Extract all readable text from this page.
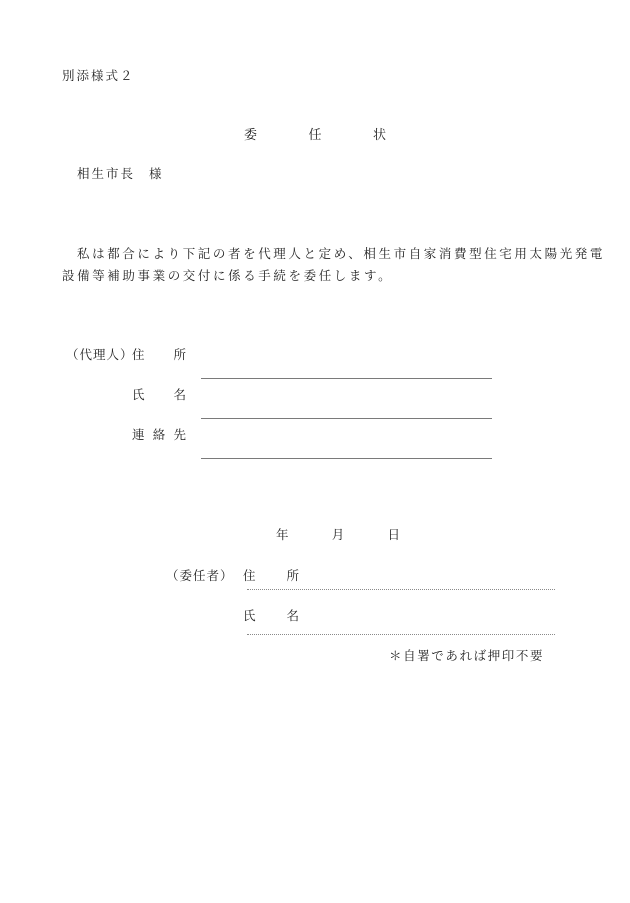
別添様式２
委	任	状
相生市長 様
私は都合により下記の者を代理人と定め、相生市自家消費型住宅用太陽光発電
設備等補助事業の交付に係る手続を委任します。
（代理人）
住 所
氏 名
連 絡 先
年	月	日
（委任者） 住 所
氏 名
＊自署であれば押印不要
